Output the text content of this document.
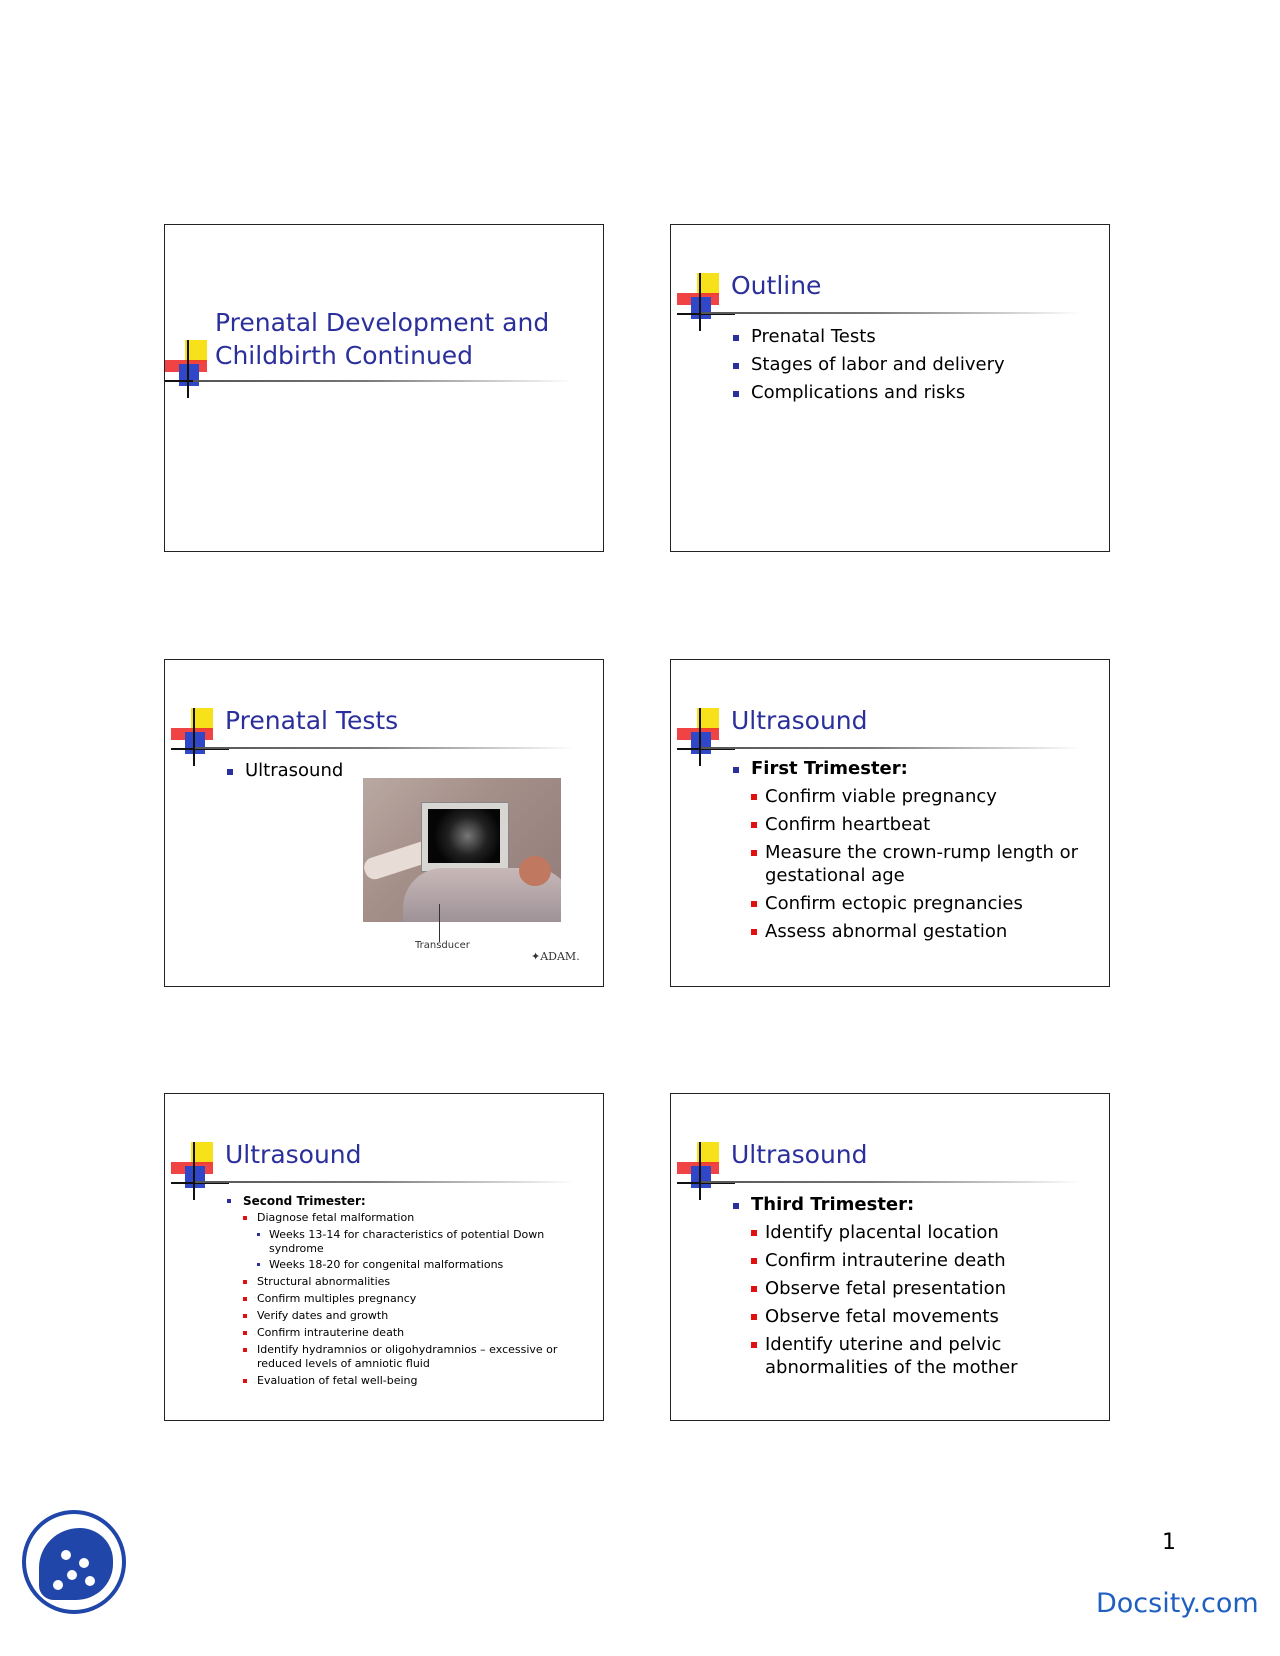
Prenatal Development and Childbirth Continued
Outline
Prenatal Tests
Stages of labor and delivery
Complications and risks
Prenatal Tests
Ultrasound
Transducer
✦ADAM.
Ultrasound
First Trimester:
Confirm viable pregnancy
Confirm heartbeat
Measure the crown-rump length or gestational age
Confirm ectopic pregnancies
Assess abnormal gestation
Ultrasound
Second Trimester:
Diagnose fetal malformation
Weeks 13-14 for characteristics of potential Down syndrome
Weeks 18-20 for congenital malformations
Structural abnormalities
Confirm multiples pregnancy
Verify dates and growth
Confirm intrauterine death
Identify hydramnios or oligohydramnios – excessive or reduced levels of amniotic fluid
Evaluation of fetal well-being
Ultrasound
Third Trimester:
Identify placental location
Confirm intrauterine death
Observe fetal presentation
Observe fetal movements
Identify uterine and pelvic abnormalities of the mother
1
Docsity.com
